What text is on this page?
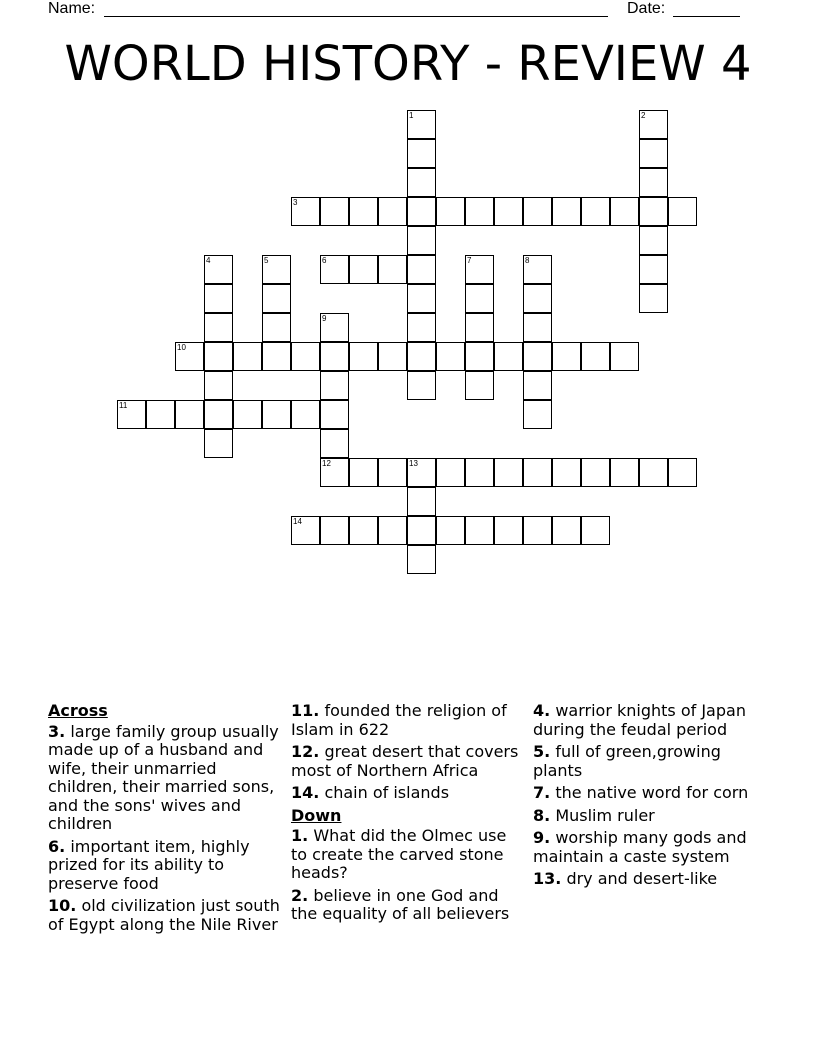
Name:	Date:
WORLD HISTORY - REVIEW 4
1	2
3
4	5	6	7	8
9
12
10
11
13
14
Across
3. large family group usually made up of a husband and wife, their unmarried children, their married sons, and the sons' wives and children
6. important item, highly prized for its ability to preserve food
10. old civilization just south of Egypt along the Nile River
11. founded the religion of Islam in 622
12. great desert that covers most of Northern Africa
14. chain of islands
Down
1. What did the Olmec use to create the carved stone heads?
2. believe in one God and the equality of all believers
4. warrior knights of Japan during the feudal period
5. full of green,growing plants
7. the native word for corn
8. Muslim ruler
9. worship many gods and maintain a caste system
13. dry and desert-like
